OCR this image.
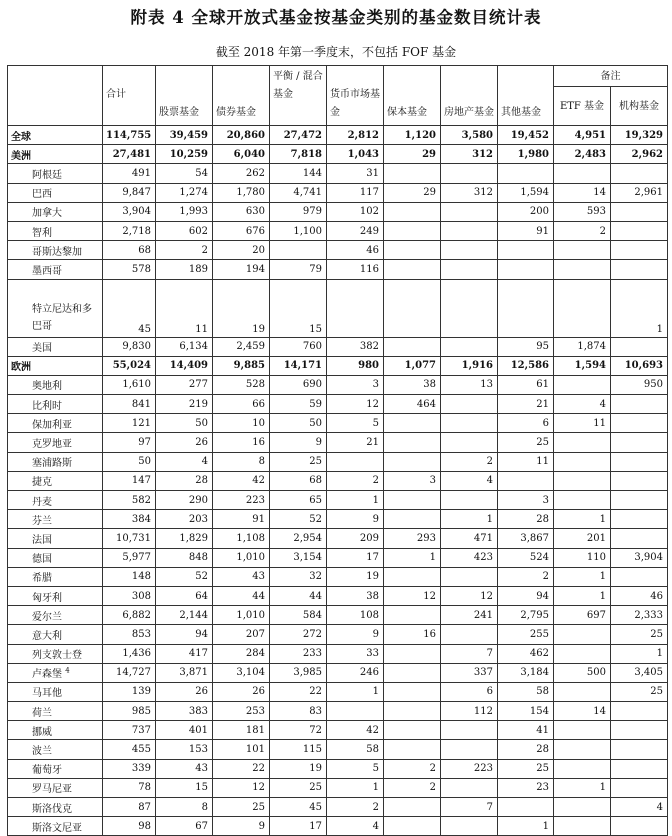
附表 4 全球开放式基金按基金类别的基金数目统计表
截至 2018 年第一季度末，不包括 FOF 基金
	合计	股票基金	债券基金	平衡 / 混合基金	货币市场基金	保本基金	房地产基金	其他基金	备注	
									ETF 基金	机构基金
全球	114,755	39,459	20,860	27,472	2,812	1,120	3,580	19,452	4,951	19,329
美洲	27,481	10,259	6,040	7,818	1,043	29	312	1,980	2,483	2,962
阿根廷	491	54	262	144	31					
巴西	9,847	1,274	1,780	4,741	117	29	312	1,594	14	2,961
加拿大	3,904	1,993	630	979	102			200	593	
智利	2,718	602	676	1,100	249			91	2	
哥斯达黎加	68	2	20		46					
墨西哥	578	189	194	79	116					
特立尼达和多巴哥	45	11	19	15						1
美国	9,830	6,134	2,459	760	382			95	1,874	
欧洲	55,024	14,409	9,885	14,171	980	1,077	1,916	12,586	1,594	10,693
奥地利	1,610	277	528	690	3	38	13	61		950
比利时	841	219	66	59	12	464		21	4	
保加利亚	121	50	10	50	5			6	11	
克罗地亚	97	26	16	9	21			25		
塞浦路斯	50	4	8	25			2	11		
捷克	147	28	42	68	2	3	4			
丹麦	582	290	223	65	1			3		
芬兰	384	203	91	52	9		1	28	1	
法国	10,731	1,829	1,108	2,954	209	293	471	3,867	201	
德国	5,977	848	1,010	3,154	17	1	423	524	110	3,904
希腊	148	52	43	32	19			2	1	
匈牙利	308	64	44	44	38	12	12	94	1	46
爱尔兰	6,882	2,144	1,010	584	108		241	2,795	697	2,333
意大利	853	94	207	272	9	16		255		25
列支敦士登	1,436	417	284	233	33		7	462		1
卢森堡 $^4$	14,727	3,871	3,104	3,985	246		337	3,184	500	3,405
马耳他	139	26	26	22	1		6	58		25
荷兰	985	383	253	83			112	154	14	
挪威	737	401	181	72	42			41		
波兰	455	153	101	115	58			28		
葡萄牙	339	43	22	19	5	2	223	25		
罗马尼亚	78	15	12	25	1	2		23	1	
斯洛伐克	87	8	25	45	2		7			4
斯洛文尼亚	98	67	9	17	4			1		
